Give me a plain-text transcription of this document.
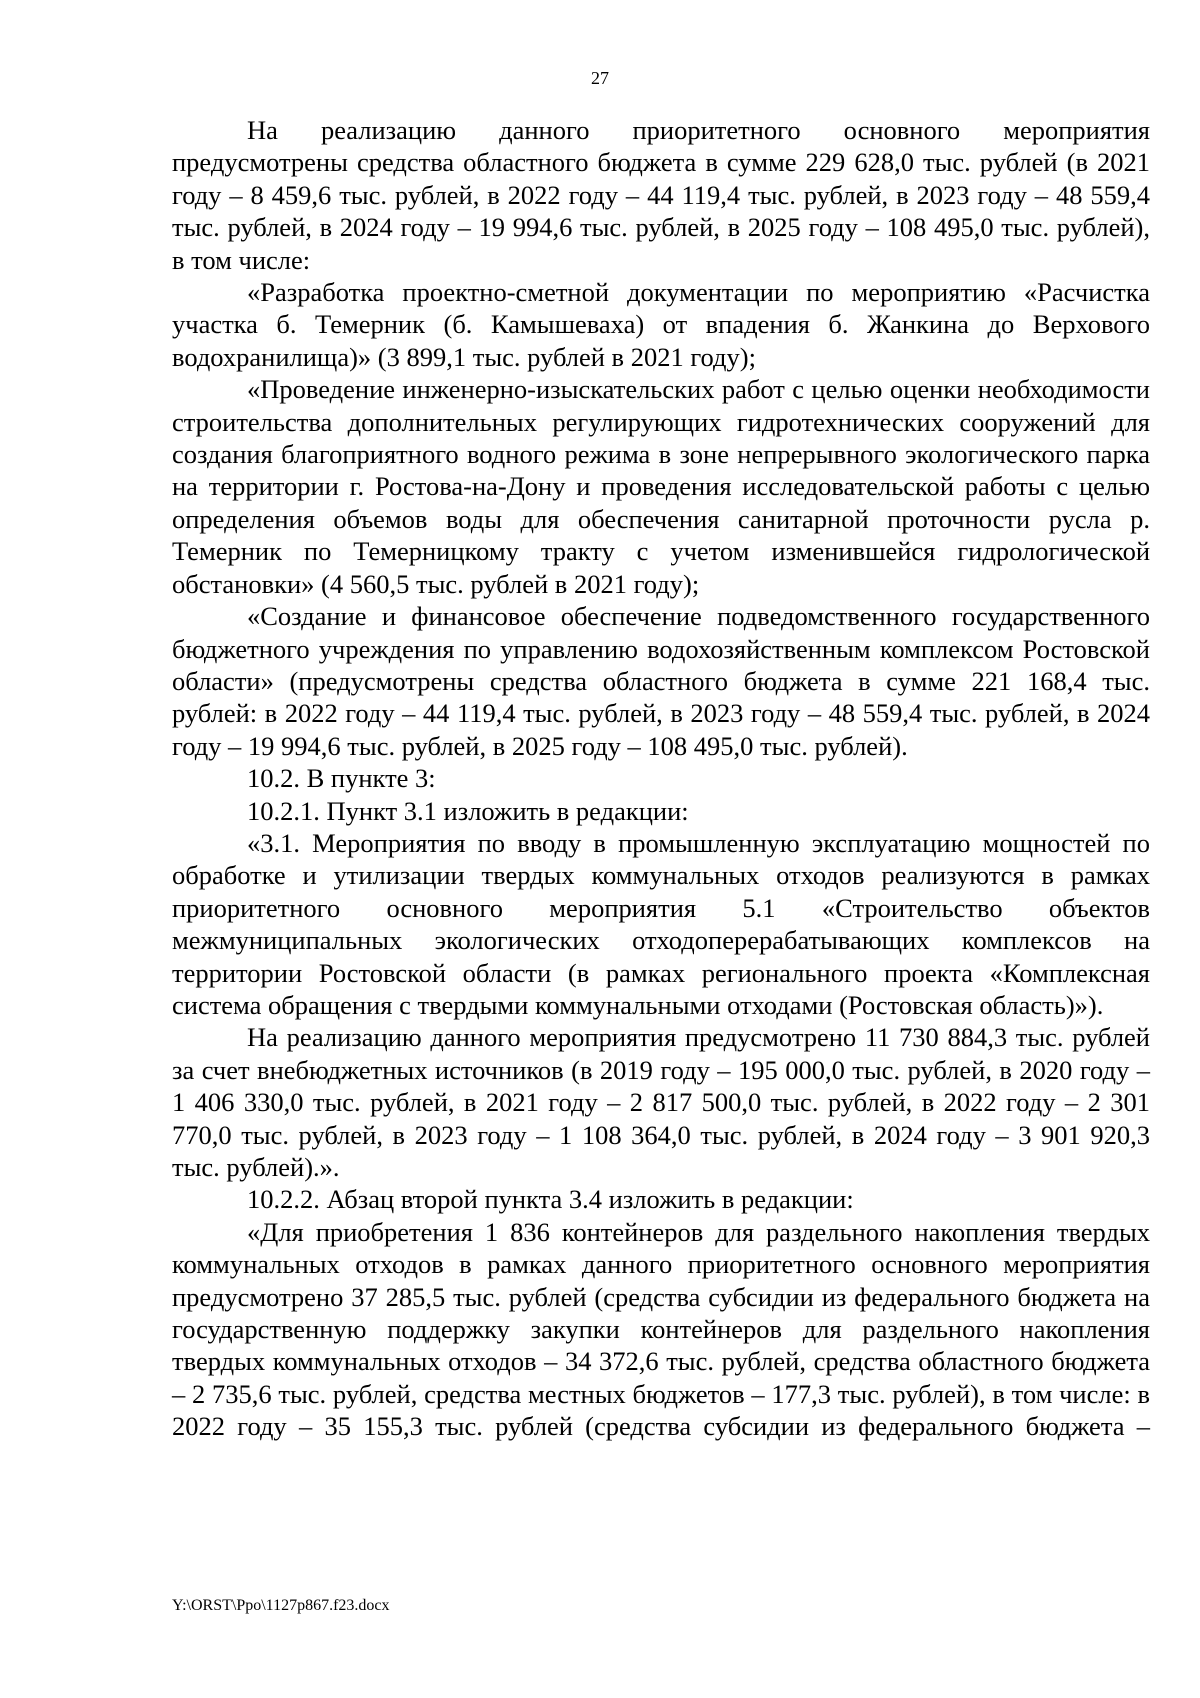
27

На реализацию данного приоритетного основного мероприятия предусмотрены средства областного бюджета в сумме 229 628,0 тыс. рублей (в 2021 году – 8 459,6 тыс. рублей, в 2022 году – 44 119,4 тыс. рублей, в 2023 году – 48 559,4 тыс. рублей, в 2024 году – 19 994,6 тыс. рублей, в 2025 году – 108 495,0 тыс. рублей), в том числе:

«Разработка проектно-сметной документации по мероприятию «Расчистка участка б. Темерник (б. Камышеваха) от впадения б. Жанкина до Верхового водохранилища)» (3 899,1 тыс. рублей в 2021 году);

«Проведение инженерно-изыскательских работ с целью оценки необходимости строительства дополнительных регулирующих гидротехнических сооружений для создания благоприятного водного режима в зоне непрерывного экологического парка на территории г. Ростова-на-Дону и проведения исследовательской работы с целью определения объемов воды для обеспечения санитарной проточности русла р. Темерник по Темерницкому тракту с учетом изменившейся гидрологической обстановки» (4 560,5 тыс. рублей в 2021 году);

«Создание и финансовое обеспечение подведомственного государственного бюджетного учреждения по управлению водохозяйственным комплексом Ростовской области» (предусмотрены средства областного бюджета в сумме 221 168,4 тыс. рублей: в 2022 году – 44 119,4 тыс. рублей, в 2023 году – 48 559,4 тыс. рублей, в 2024 году – 19 994,6 тыс. рублей, в 2025 году – 108 495,0 тыс. рублей).

10.2. В пункте 3:

10.2.1. Пункт 3.1 изложить в редакции:

«3.1. Мероприятия по вводу в промышленную эксплуатацию мощностей по обработке и утилизации твердых коммунальных отходов реализуются в рамках приоритетного основного мероприятия 5.1 «Строительство объектов межмуниципальных экологических отходоперерабатывающих комплексов на территории Ростовской области (в рамках регионального проекта «Комплексная система обращения с твердыми коммунальными отходами (Ростовская область)»).

На реализацию данного мероприятия предусмотрено 11 730 884,3 тыс. рублей за счет внебюджетных источников (в 2019 году – 195 000,0 тыс. рублей, в 2020 году – 1 406 330,0 тыс. рублей, в 2021 году – 2 817 500,0 тыс. рублей, в 2022 году – 2 301 770,0 тыс. рублей, в 2023 году – 1 108 364,0 тыс. рублей, в 2024 году – 3 901 920,3 тыс. рублей).».

10.2.2. Абзац второй пункта 3.4 изложить в редакции:

«Для приобретения 1 836 контейнеров для раздельного накопления твердых коммунальных отходов в рамках данного приоритетного основного мероприятия предусмотрено 37 285,5 тыс. рублей (средства субсидии из федерального бюджета на государственную поддержку закупки контейнеров для раздельного накопления твердых коммунальных отходов – 34 372,6 тыс. рублей, средства областного бюджета – 2 735,6 тыс. рублей, средства местных бюджетов – 177,3 тыс. рублей), в том числе: в 2022 году – 35 155,3 тыс. рублей (средства субсидии из федерального бюджета –

Y:\ORST\Ppo\1127p867.f23.docx
